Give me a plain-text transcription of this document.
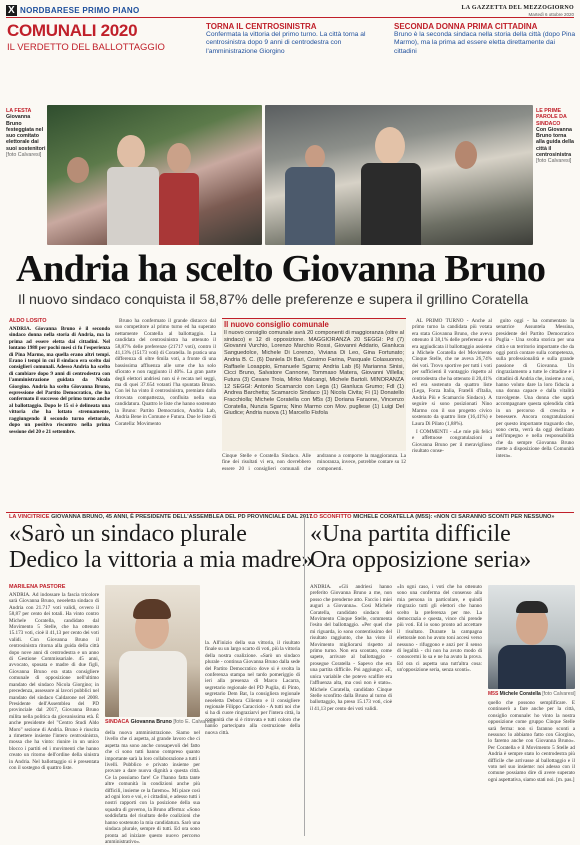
X NORDBARESE PRIMO PIANO	LA GAZZETTA DEL MEZZOGIORNO
Martedì 6 ottobre 2020
COMUNALI 2020
IL VERDETTO DEL BALLOTTAGGIO
TORNA IL CENTROSINISTRA
Confermata la vittoria del primo turno. La città torna al centrosinistra dopo 9 anni di centrodestra con l'amministrazione Giorgino
SECONDA DONNA PRIMA CITTADINA
Bruno è la seconda sindaca nella storia della città (dopo Pina Marmo), ma la prima ad essere eletta direttamente dai cittadini
LA FESTA
Giovanna Bruno festeggiata nel suo comitato elettorale dai suoi sostenitori
[foto Calvaresi]
LE PRIME PAROLE DA SINDACO
Con Giovanna Bruno torna alla guida della città il centrosinistra
[foto Calvaresi]
Andria ha scelto Giovanna Bruno
Il nuovo sindaco conquista il 58,87% delle preferenze e supera il grillino Coratella
ALDO LOSITO

ANDRIA. Giovanna Bruno è il secondo sindaco donna nella storia di Andria, ma la prima ad essere eletta dai cittadini. Nel lontano 1988 per pochi mesi ci fu l'esperienza di Pina Marmo, ma quella erano altri tempi. Erano i tempi in cui il sindaco era scelto dai consiglieri comunali. Adesso Andria ha scelto di cambiare dopo 9 anni di centrodestra con l'amministrazione guidata da Nicola Giorgino. Andria ha scelto Giovanna Bruno, espressione del Partito Democratico, che ha confermato il successo del primo turno anche al ballottaggio. Dopo le 15 si è delineata una vittoria che ha lottato strenuamente, raggiungendo il secondo turno elettorale, dopo un positivo riscontro nella prima sessione del 20 e 21 settembre.

Bruno ha confermato il grande distacco dal suo competitore al primo turno ed ha superato nettamente Coratella al ballottaggio. La candidata del centrosinistra ha ottenuto il 58,87% delle preferenze (21717 voti), contro il 41,13% (15173 voti) di Coratella. In pratica una differenza di oltre 6mila voti, a fronte di una bassissima affluenza alle urne che ha solo sfiorato e non raggiunto il 40%. La gran parte degli elettori andriesi non si è recata nel seggi, ma di quei 37.654 votanti l'ha spuntata Bruno. Con lei ha vinto il centrosinistra, premiato dalla ritrovata compattezza, confluita nella sua candidatura. Quattro le liste che hanno sostenuto la Bruno: Partito Democratico, Andria Lab, Andria Bene in Comune e Futura. Due le liste di Coratella: Movimento

Il nuovo consiglio comunale
Il nuovo consiglio comunale avrà 20 componenti di maggioranza (oltre al sindaco) e 12 di opposizione. MAGGIORANZA 20 SEGGI: Pd (7) Giovanni Vurchio, Lorenzo Marchio Rossi, Giovanni Addario, Gianluca Sanguedolce, Michele Di Lorenzo, Viviana Di Leo, Gina Fortunato; Andria B. C. (6) Daniela Di Bari, Cosimo Farina, Pasquale Colasuonno, Raffaele Losappio, Emanuele Sgarra; Andria Lab (6) Marianna Sinisi, Cicci Bruno, Salvatore Cannone, Tommaso Matera, Giovanni Villella; Futura (3) Cesare Troia, Mirko Malcangi, Michele Bartoli. MINORANZA 12 SEGGI: Antonio Scamarcio con Lega (1) Gianluca Grumo; FdI (1) Andrea Barchetta; Scamarcio Sindaco (1) Nicola Civita; Fi (1) Donatello Fracchiolla; Michele Coratella con M5s (3) Doriana Faraone, Vincenzo Coratella, Nunzia Sgarra; Nino Marmo con Mov. pugliese (1) Luigi Del Giudice; Andria nuova (1) Marcello Fisfola
Cinque Stelle e Coratella Sindaco. Alle fine dei risultati vi era, non dovrebbero essere 20 i consiglieri comunali che andranno a comporre la maggioranza. La minoranza, invece, potrebbe contare su 12 componenti.

AL PRIMO TURNO - Anche al primo turno la candidata più votata era stata Giovanna Bruno, che aveva ottenuto il 38,1% delle preferenze e si era aggiudicata il ballottaggio assieme a Michele Coratella del Movimento Cinque Stelle, che ne aveva 26,74% dei voti. Trovo sportive per tutti i voti per sufficienti il vantaggio rispetto al centrodestra che ha ottenuto il 20,41% ed era sostenuto da quattro liste (Lega, Forza Italia, Fratelli d'Italia, Andria Più e Scamarcio Sindaco). A seguire si sono posizionati Nino Marmo con il suo progetto civico sostenuto da quattro liste (16,41%) e Laura Di Pilato (1,88%).

I COMMENTI - «Le mie più felici e affettuose congratulazioni a Giovanna Bruno per il meraviglioso risultato conse-

guito oggi - ha commentato la senatrice Assuntela Messina, presidente del Partito Democratico Puglia - Una svolta storica per una città e un territorio importante che da oggi potrà contare sulla competenza, sulla professionalità e sulla grande passione di Giovanna. Un ringraziamento a tutte le cittadine e i cittadini di Andria che, insieme a noi, hanno voluto dare la loro fiducia a una donna capace e dalla vitalità travolgente. Una donna che saprà accompagnare questa splendida città in un percorso di crescita e benessere. Ancora congratulazioni per questo importante traguardo che, sono certa, verrà da oggi declinato nell'impegno e nella responsabilità che da sempre Giovanna Bruno mette a disposizione della Comunità intera».

LA VINCITRICE GIOVANNA BRUNO, 45 ANNI, È PRESIDENTE DELL'ASSEMBLEA DEL PD PROVINCIALE DAL 2017
«Sarò un sindaco plurale
Dedico la vittoria a mia madre»
MARILENA PASTORE
ANDRIA. Ad indossare la fascia tricolore sarà Giovanna Bruno, neoeletta sindaco di Andria con 21.717 voti validi, ovvero il 58,87 per cento dei totali. Ha vinto contro Michele Coratella, candidato dal Movimento 5 Stelle, che ha ottenuto 15.173 voti, cioè il 41,13 per cento dei voti validi. Con Giovanna Bruno il centrosinistra ritorna alla guida della città dopo nove anni di centrodestra e un anno di Gestione Commissariale. 45 anni, avvocato, sposata e madre di due figli, Giovanna Bruno era stata consigliere comunale di opposizione nell'ultimo mandato del sindaco Nicola Giorgino; in precedenza, assessore ai lavori pubblici nel mandato del sindaco Caldarone nel 2008. Presidente dell'Assemblea del PD provinciale dal 2017, Giovanna Bruno milita nella politica da giovanissima età. È anche presidente del "Centro Studi Aldo Moro" sezione di Andria. Bruno è riuscita a rimettere insieme l'intero centrosinistra, mossa che ha vinto: riunire in un unico blocco i partiti ed i movimenti che hanno creato un ritorno dell'ordine della sinistra in Andria. Nel ballottaggio si è presentata con il sostegno di quattro liste.
della nuova amministrazione. Siamo nel livello che ci aspetta, al grande lavoro che ci aspetta ma sono anche consapevoli del fatto che ci sono tutti hanno compreso quanto importante sarà la loro collaborazione a tutti i livelli. Pubblico e privato insieme per provare a dare nuova dignità a questa città. Ce la possiamo fare! Ce l'hanno fatta tante altre comunità in condizioni anche più difficili, insieme ce la faremo». Mi piace così ad ogni loro e voi, e i cittadini, e adesso tutti i nostri rapporti con la posizione della sua squadra di governo, la Bruno afferma: «Sono soddisfatta del risultato delle coalizioni che hanno sostenuto la mia candidatura. Sarò una sindaca plurale, sempre di tutti. Ed ora sono pronta ad iniziare questo nuovo percorso amministrativo».
la. All'inizio della sua vittoria, il risultato finale su un largo scarto di voti, più la vittoria della nostra coalizione. «Sarò un sindaco plurale - continua Giovanna Bruno dalla sede del Partito Democratico dove si è svolta la conferenza stampa nel tardo pomeriggio di ieri alla presenza di Marco Lacarra, segretario regionale del PD Puglia, di Pinto, segretario Dem Bat, la consigliera regionale neoeletta Debora Ciliento e il consigliere regionale Filippo Caracciolo - A tutti noi che si ha di cuore ringraziarvi per l'intera città, la comunità che si è ritrovata e tutti coloro che hanno partecipato alla costruzione della nuova città.
SINDACA Giovanna Bruno [foto E. Calvaresi]
LO SCONFITTO MICHELE CORATELLA (M5S): «NON CI SARANNO SCONTI PER NESSUNO»
«Una partita difficile
Ora opposizione seria»
ANDRIA. «Gli andriesi hanno preferito Giovanna Bruno a me, non posso che prenderne atto. Faccio i miei auguri a Giovanna». Così Michele Coratella, candidato sindaco del Movimento Cinque Stelle, commenta l'esito del ballottaggio. «Per quel che mi riguarda, io sono contentissimo del risultato raggiunto, che ha visto il Movimento migliorarsi rispetto al primo turno. Non era scontato, come sapete, arrivare al ballottaggio - prosegue Coratella - Sapevo che era una partita difficile. Poi aggiungo: «E, unica variabile che potevo scalfire era l'affluenza alta, ma così non è stato». Michele Coratella, candidato Cinque Stelle sconfitto dalla Bruno al turno di ballottaggio, ha preso 15.173 voti, cioè il 41,13 per cento dei voti validi.
«In ogni caso, i voti che ho ottenuto sono una conferma del consenso alla mia persona in particolare, e quindi ringrazio tutti gli elettori che hanno scelto la preferenza per me. La democrazia e questa, vince chi prende più voti. Ed io sono pronto ad accettare il risultato. Durante la campagna elettorale non ho avuto toni accesi verso nessuno - rifuggono e anzi per il senso di legalità - chi non ha avuto modo di conoscermi lo sa e ne ha avuto la prova. Ed ora ci aspetta una tutt'altra cosa: un'opposizione seria, senza sconti».
M5S Michele Coratella [foto Calvaresi]
quello che possono semplificare. E continuerò a fare anche per la città, consiglio comunale: ho vinto la nostra opposizione come gruppo Cinque Stelle sarà ferma: non si faranno sconti a nessuno: lo abbiamo fatto con Giorgino, lo faremo anche con Giovanna Bruno». Per Coratella e il Movimento 5 Stelle ad Andria è sempre stato lo centrodestra più difficile che arrivasse al ballottaggio e il voto nel suo insieme: noi adesso con il comune possiamo dire di avere superato ogni aspettativa, siamo stati noi. [m. pas.]
